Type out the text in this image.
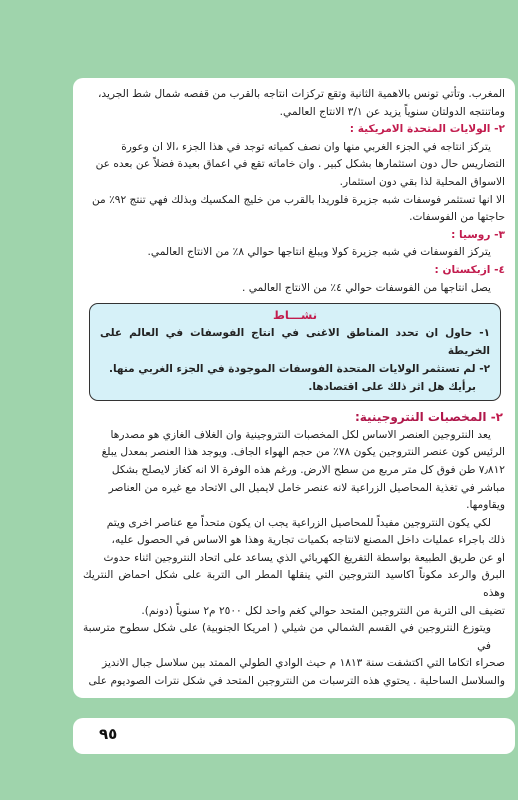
المغرب. وتأتي تونس بالاهمية الثانية وتقع تركزات انتاجه بالقرب من قفصه شمال شط الجريد،

وماتنتجه الدولتان سنوياً يزيد عن ٣/١ الانتاج العالمي.

٢- الولايات المتحدة الامريكية :

يتركز انتاجه في الجزء الغربي منها وان نصف كمياته توجد في هذا الجزء ،الا ان وعورة

التضاريس حال دون استثمارها بشكل كبير . وان خاماته تقع في اعماق بعيدة فضلاً عن بعده عن

الاسواق المحلية لذا بقي دون استثمار.

الا انها تستثمر فوسفات شبه جزيرة فلوريدا بالقرب من خليج المكسيك وبذلك فهي تنتج ٩٢٪ من

حاجتها من الفوسفات.

٣- روسيا :

يتركز الفوسفات في شبه جزيرة كولا ويبلغ انتاجها حوالي ٨٪ من الانتاج العالمي.

٤- ازبكستان :

يصل انتاجها من الفوسفات حوالي ٤٪ من الانتاج العالمي .

نشـــاط
١- حاول ان تحدد المناطق الاغنى في انتاج الفوسفات في العالم على الخريطة
٢- لم تستثمر الولايات المتحدة الفوسفات الموجودة في الجزء الغربي منها.
برأيك هل اثر ذلك على اقتصادها.

٢- المخصبات النتروجينية:

يعد النتروجين العنصر الاساس لكل المخصبات النتروجينية وان الغلاف الغازي هو مصدرها

الرئيس كون عنصر النتروجين يكون ٧٨٪ من حجم الهواء الجاف. ويوجد هذا العنصر بمعدل يبلغ

٧٫٨١٢ طن فوق كل متر مربع من سطح الارض. ورغم هذه الوفرة الا انه كغاز لايصلح بشكل

مباشر في تغذية المحاصيل الزراعية لانه عنصر خامل لايميل الى الاتحاد مع غيره من العناصر

ويقاومها.

لكي يكون النتروجين مفيداً للمحاصيل الزراعية يجب ان يكون متحداً مع عناصر اخرى ويتم

ذلك باجراء عمليات داخل المصنع لانتاجه بكميات تجارية وهذا هو الاساس في الحصول عليه،

او عن طريق الطبيعة بواسطة التفريغ الكهربائي الذي يساعد على اتحاد النتروجين اثناء حدوث

البرق والرعد مكوناً اكاسيد النتروجين التي ينقلها المطر الى التربة على شكل احماض النتريك وهذه

تضيف الى التربة من النتروجين المتحد حوالي كغم واحد لكل ٢٥٠٠ م٢ سنوياً (دونم).

ويتوزع النتروجين في القسم الشمالي من شيلي ( امريكا الجنوبية) على شكل سطوح مترسبة في

صحراء اتكاما التي اكتشفت سنة ١٨١٣ م حيث الوادي الطولي الممتد بين سلاسل جبال الانديز

والسلاسل الساحلية . يحتوي هذه الترسبات من النتروجين المتحد في شكل نترات الصوديوم على

٩٥
